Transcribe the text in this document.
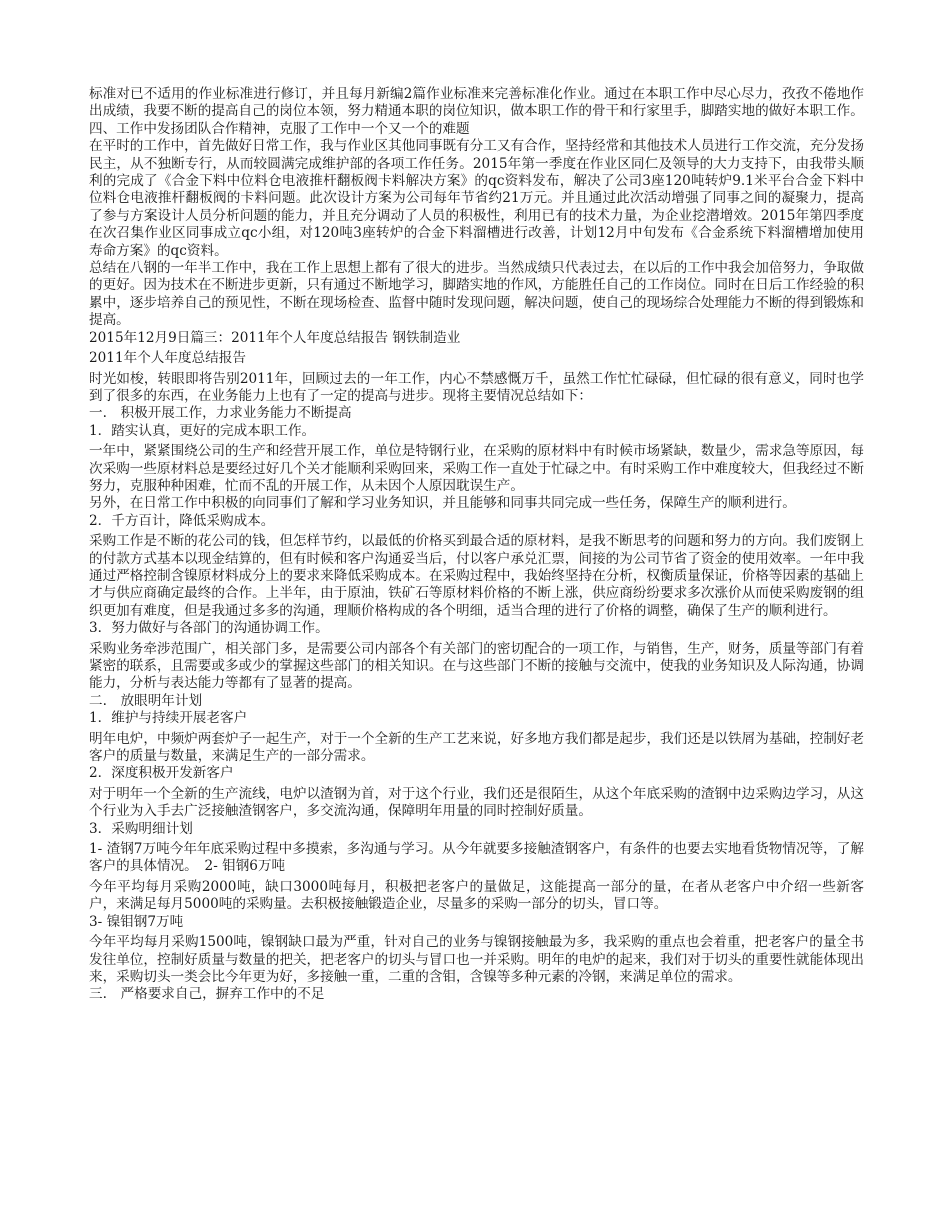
标准对已不适用的作业标准进行修订，并且每月新编2篇作业标准来完善标准化作业。通过在本职工作中尽心尽力，孜孜不倦地作出成绩，我要不断的提高自己的岗位本领，努力精通本职的岗位知识，做本职工作的骨干和行家里手，脚踏实地的做好本职工作。

四、工作中发扬团队合作精神，克服了工作中一个又一个的难题

在平时的工作中，首先做好日常工作，我与作业区其他同事既有分工又有合作，坚持经常和其他技术人员进行工作交流，充分发扬民主，从不独断专行，从而较圆满完成维护部的各项工作任务。2015年第一季度在作业区同仁及领导的大力支持下，由我带头顺利的完成了《合金下料中位料仓电液推杆翻板阀卡料解决方案》的qc资料发布，解决了公司3座120吨转炉9.1米平台合金下料中位料仓电液推杆翻板阀的卡料问题。此次设计方案为公司每年节省约21万元。并且通过此次活动增强了同事之间的凝聚力，提高了参与方案设计人员分析问题的能力，并且充分调动了人员的积极性，利用已有的技术力量，为企业挖潜增效。2015年第四季度在次召集作业区同事成立qc小组，对120吨3座转炉的合金下料溜槽进行改善，计划12月中旬发布《合金系统下料溜槽增加使用寿命方案》的qc资料。

总结在八钢的一年半工作中，我在工作上思想上都有了很大的进步。当然成绩只代表过去，在以后的工作中我会加倍努力，争取做的更好。因为技术在不断进步更新，只有通过不断地学习，脚踏实地的作风，方能胜任自己的工作岗位。同时在日后工作经验的积累中，逐步培养自己的预见性，不断在现场检查、监督中随时发现问题，解决问题，使自己的现场综合处理能力不断的得到锻炼和提高。

2015年12月9日篇三：2011年个人年度总结报告 钢铁制造业

2011年个人年度总结报告

时光如梭，转眼即将告别2011年，回顾过去的一年工作，内心不禁感慨万千，虽然工作忙忙碌碌，但忙碌的很有意义，同时也学到了很多的东西，在业务能力上也有了一定的提高与进步。现将主要情况总结如下：

一.　积极开展工作，力求业务能力不断提高

1．踏实认真，更好的完成本职工作。

一年中，紧紧围绕公司的生产和经营开展工作，单位是特钢行业，在采购的原材料中有时候市场紧缺，数量少，需求急等原因，每次采购一些原材料总是要经过好几个关才能顺利采购回来，采购工作一直处于忙碌之中。有时采购工作中难度较大，但我经过不断努力，克服种种困难，忙而不乱的开展工作，从未因个人原因耽误生产。

另外，在日常工作中积极的向同事们了解和学习业务知识，并且能够和同事共同完成一些任务，保障生产的顺利进行。

2．千方百计，降低采购成本。

采购工作是不断的花公司的钱，但怎样节约，以最低的价格买到最合适的原材料，是我不断思考的问题和努力的方向。我们废钢上的付款方式基本以现金结算的，但有时候和客户沟通妥当后，付以客户承兑汇票，间接的为公司节省了资金的使用效率。一年中我通过严格控制含镍原材料成分上的要求来降低采购成本。在采购过程中，我始终坚持在分析，权衡质量保证，价格等因素的基础上才与供应商确定最终的合作。上半年，由于原油，铁矿石等原材料价格的不断上涨，供应商纷纷要求多次涨价从而使采购废钢的组织更加有难度，但是我通过多多的沟通，理顺价格构成的各个明细，适当合理的进行了价格的调整，确保了生产的顺利进行。

3．努力做好与各部门的沟通协调工作。

采购业务牵涉范围广，相关部门多，是需要公司内部各个有关部门的密切配合的一项工作，与销售，生产，财务，质量等部门有着紧密的联系，且需要或多或少的掌握这些部门的相关知识。在与这些部门不断的接触与交流中，使我的业务知识及人际沟通，协调能力，分析与表达能力等都有了显著的提高。

二.　放眼明年计划

1．维护与持续开展老客户

明年电炉，中频炉两套炉子一起生产，对于一个全新的生产工艺来说，好多地方我们都是起步，我们还是以铁屑为基础，控制好老客户的质量与数量，来满足生产的一部分需求。

2．深度积极开发新客户

对于明年一个全新的生产流线，电炉以渣钢为首，对于这个行业，我们还是很陌生，从这个年底采购的渣钢中边采购边学习，从这个行业为入手去广泛接触渣钢客户，多交流沟通，保障明年用量的同时控制好质量。

3．采购明细计划

1- 渣钢7万吨今年年底采购过程中多摸索，多沟通与学习。从今年就要多接触渣钢客户，有条件的也要去实地看货物情况等，了解客户的具体情况。　2- 钼钢6万吨

今年平均每月采购2000吨，缺口3000吨每月，积极把老客户的量做足，这能提高一部分的量，在者从老客户中介绍一些新客户，来满足每月5000吨的采购量。去积极接触锻造企业，尽量多的采购一部分的切头，冒口等。

3- 镍钼钢7万吨

今年平均每月采购1500吨，镍钢缺口最为严重，针对自己的业务与镍钢接触最为多，我采购的重点也会着重，把老客户的量全书发往单位，控制好质量与数量的把关，把老客户的切头与冒口也一并采购。明年的电炉的起来，我们对于切头的重要性就能体现出来，采购切头一类会比今年更为好，多接触一重，二重的含钼，含镍等多种元素的冷钢，来满足单位的需求。

三.　严格要求自己，摒弃工作中的不足
